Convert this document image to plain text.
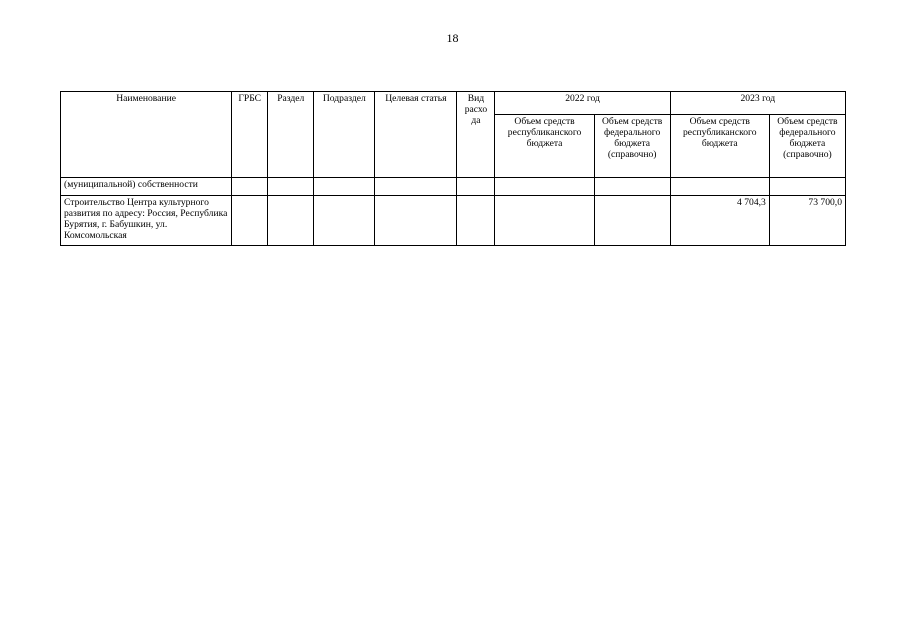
18
Наименование	ГРБС	Раздел	Подраздел	Целевая статья	Вид расхо да	2022 год		2023 год	
						Объем средств республиканского бюджета	Объем средств федерального бюджета (справочно)	Объем средств республиканского бюджета	Объем средств федерального бюджета (справочно)
(муниципальной) собственности									
Строительство Центра культурного развития по адресу: Россия, Республика Бурятия, г. Бабушкин, ул. Комсомольская								4 704,3	73 700,0
